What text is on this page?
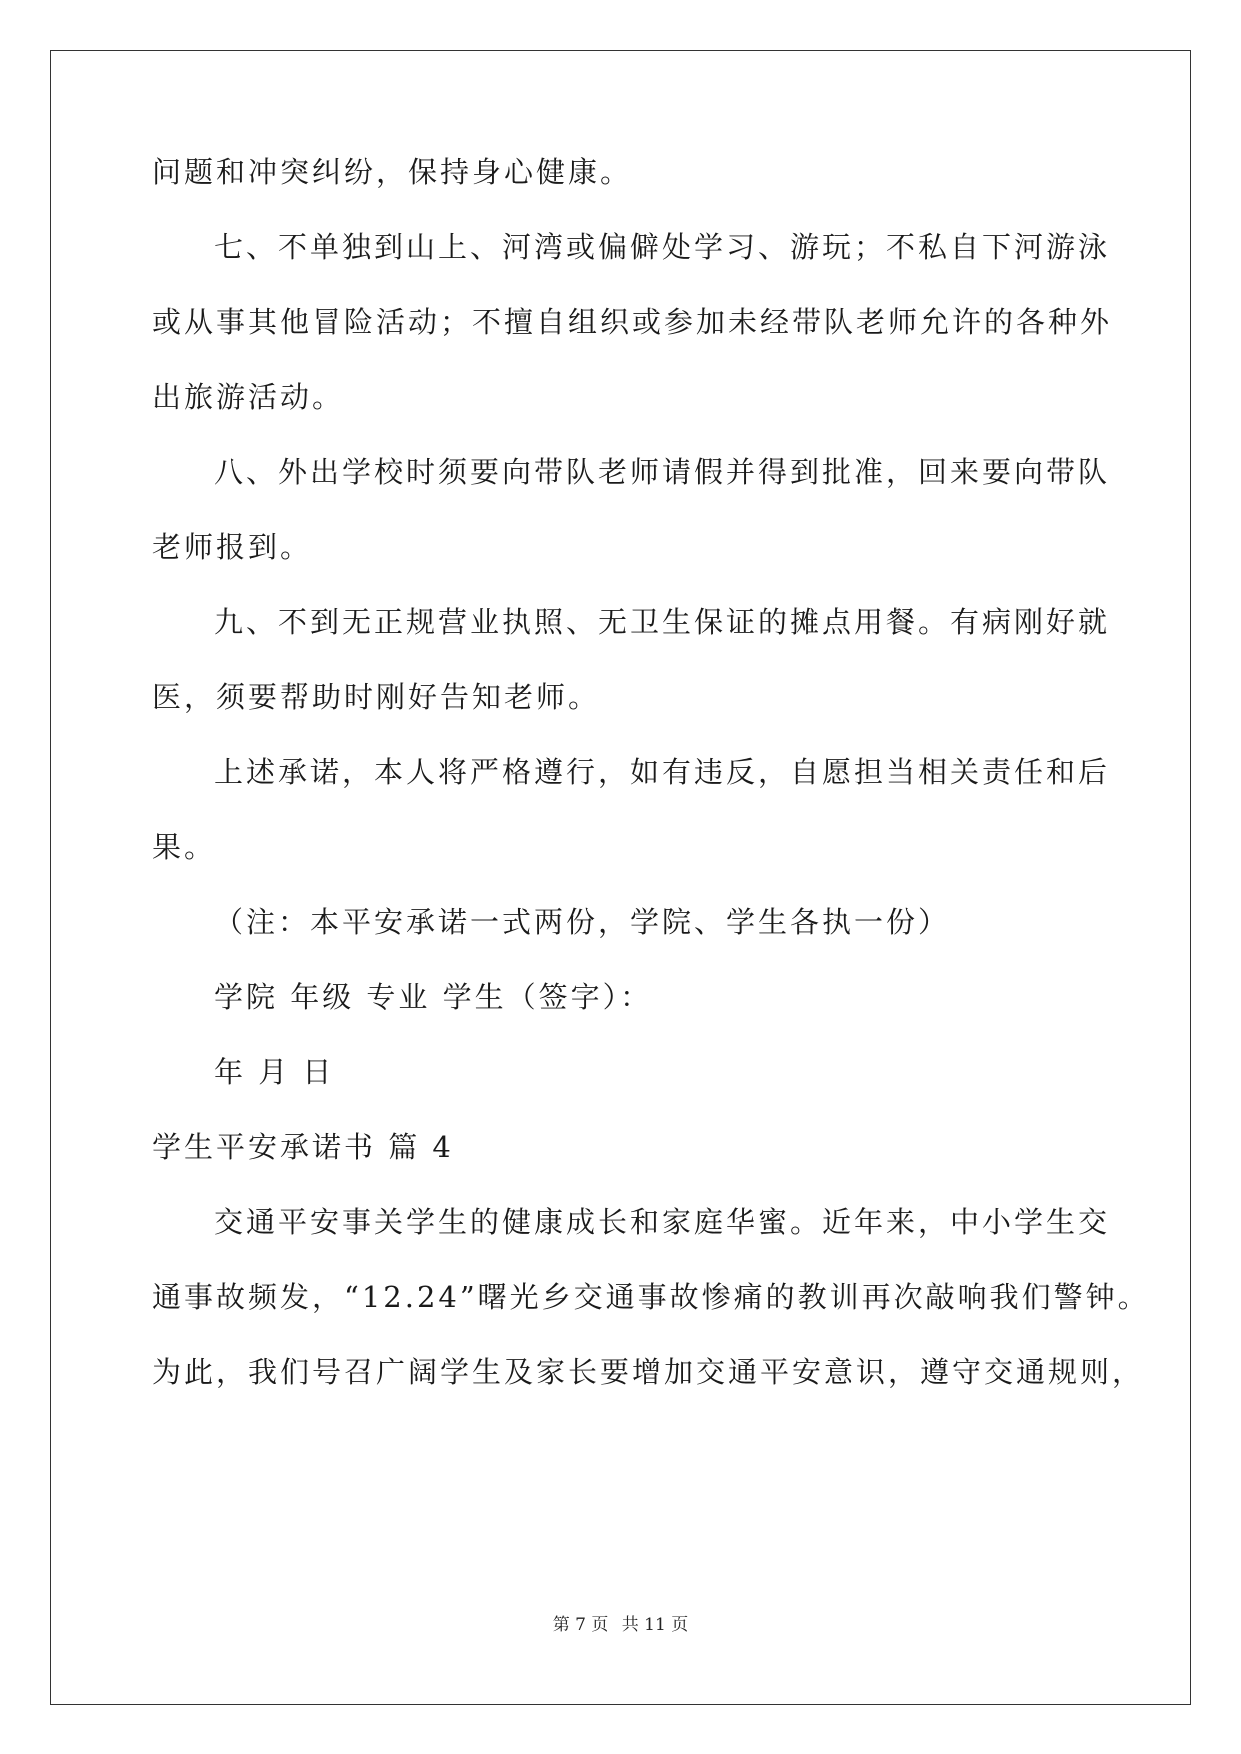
问题和冲突纠纷，保持身心健康。
七、不单独到山上、河湾或偏僻处学习、游玩；不私自下河游泳
或从事其他冒险活动；不擅自组织或参加未经带队老师允许的各种外
出旅游活动。
八、外出学校时须要向带队老师请假并得到批准，回来要向带队
老师报到。
九、不到无正规营业执照、无卫生保证的摊点用餐。有病刚好就
医，须要帮助时刚好告知老师。
上述承诺，本人将严格遵行，如有违反，自愿担当相关责任和后
果。
（注：本平安承诺一式两份，学院、学生各执一份）
学院 年级 专业 学生（签字）：
年 月 日
学生平安承诺书 篇 4
交通平安事关学生的健康成长和家庭华蜜。近年来，中小学生交
通事故频发，“12.24”曙光乡交通事故惨痛的教训再次敲响我们警钟。
为此，我们号召广阔学生及家长要增加交通平安意识，遵守交通规则，
第 7 页 共 11 页
